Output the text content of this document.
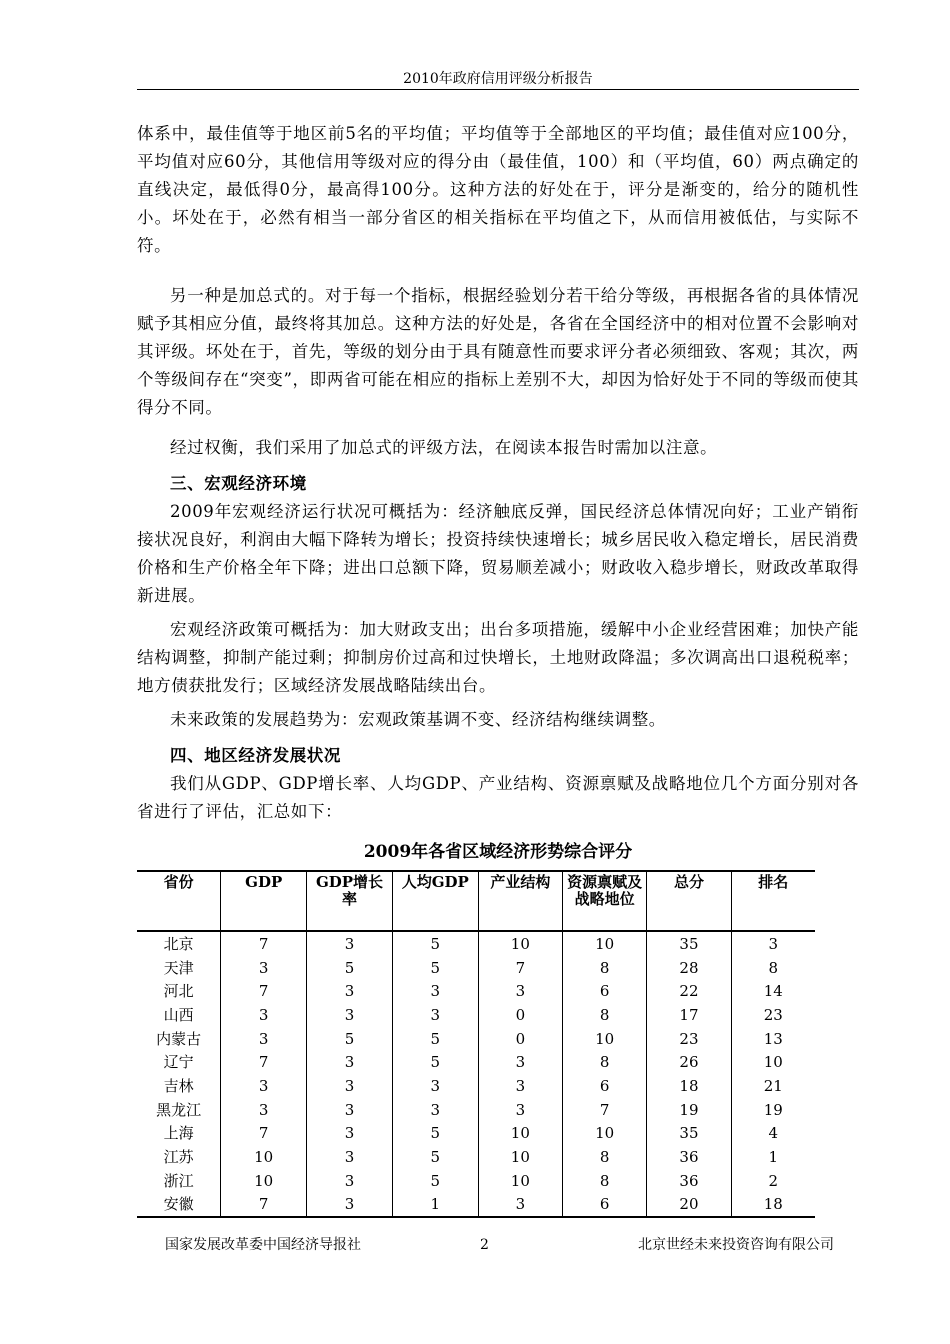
2010年政府信用评级分析报告

体系中，最佳值等于地区前5名的平均值；平均值等于全部地区的平均值；最佳值对应100分，平均值对应60分，其他信用等级对应的得分由（最佳值，100）和（平均值，60）两点确定的直线决定，最低得0分，最高得100分。这种方法的好处在于，评分是渐变的，给分的随机性小。坏处在于，必然有相当一部分省区的相关指标在平均值之下，从而信用被低估，与实际不符。

另一种是加总式的。对于每一个指标，根据经验划分若干给分等级，再根据各省的具体情况赋予其相应分值，最终将其加总。这种方法的好处是，各省在全国经济中的相对位置不会影响对其评级。坏处在于，首先，等级的划分由于具有随意性而要求评分者必须细致、客观；其次，两个等级间存在“突变”，即两省可能在相应的指标上差别不大，却因为恰好处于不同的等级而使其得分不同。

经过权衡，我们采用了加总式的评级方法，在阅读本报告时需加以注意。

三、宏观经济环境

2009年宏观经济运行状况可概括为：经济触底反弹，国民经济总体情况向好；工业产销衔接状况良好，利润由大幅下降转为增长；投资持续快速增长；城乡居民收入稳定增长，居民消费价格和生产价格全年下降；进出口总额下降，贸易顺差减小；财政收入稳步增长，财政改革取得新进展。

宏观经济政策可概括为：加大财政支出；出台多项措施，缓解中小企业经营困难；加快产能结构调整，抑制产能过剩；抑制房价过高和过快增长，土地财政降温；多次调高出口退税税率；地方债获批发行；区域经济发展战略陆续出台。

未来政策的发展趋势为：宏观政策基调不变、经济结构继续调整。

四、地区经济发展状况

我们从GDP、GDP增长率、人均GDP、产业结构、资源禀赋及战略地位几个方面分别对各省进行了评估，汇总如下：

2009年各省区域经济形势综合评分
省份	GDP	GDP增长率	人均GDP	产业结构	资源禀赋及战略地位	总分	排名
北京	7	3	5	10	10	35	3
天津	3	5	5	7	8	28	8
河北	7	3	3	3	6	22	14
山西	3	3	3	0	8	17	23
内蒙古	3	5	5	0	10	23	13
辽宁	7	3	5	3	8	26	10
吉林	3	3	3	3	6	18	21
黑龙江	3	3	3	3	7	19	19
上海	7	3	5	10	10	35	4
江苏	10	3	5	10	8	36	1
浙江	10	3	5	10	8	36	2
安徽	7	3	1	3	6	20	18
国家发展改革委中国经济导报社	2	北京世经未来投资咨询有限公司
